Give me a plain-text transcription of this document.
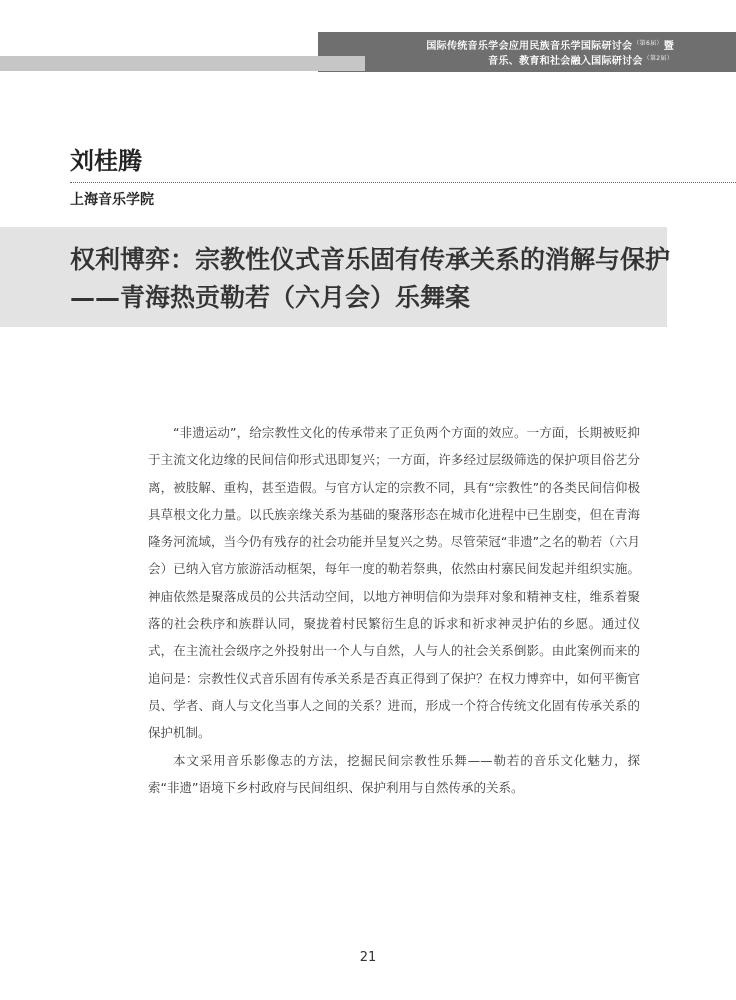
国际传统音乐学会应用民族音乐学国际研讨会$^{(第6届)}$暨
音乐、教育和社会融入国际研讨会$^{(第2届)}$
刘桂腾
上海音乐学院
权利博弈：宗教性仪式音乐固有传承关系的消解与保护
——青海热贡勒若（六月会）乐舞案

“非遗运动”，给宗教性文化的传承带来了正负两个方面的效应。一方面，长期被贬抑于主流文化边缘的民间信仰形式迅即复兴；一方面，许多经过层级筛选的保护项目俗艺分离，被肢解、重构，甚至造假。与官方认定的宗教不同，具有“宗教性”的各类民间信仰极具草根文化力量。以氏族亲缘关系为基础的聚落形态在城市化进程中已生剧变，但在青海隆务河流域，当今仍有残存的社会功能并呈复兴之势。尽管荣冠“非遗”之名的勒若（六月会）已纳入官方旅游活动框架，每年一度的勒若祭典，依然由村寨民间发起并组织实施。神庙依然是聚落成员的公共活动空间，以地方神明信仰为崇拜对象和精神支柱，维系着聚落的社会秩序和族群认同，聚拢着村民繁衍生息的诉求和祈求神灵护佑的乡愿。通过仪式，在主流社会级序之外投射出一个人与自然，人与人的社会关系倒影。由此案例而来的追问是：宗教性仪式音乐固有传承关系是否真正得到了保护？在权力博弈中，如何平衡官员、学者、商人与文化当事人之间的关系？进而，形成一个符合传统文化固有传承关系的保护机制。

本文采用音乐影像志的方法，挖掘民间宗教性乐舞——勒若的音乐文化魅力，探索“非遗”语境下乡村政府与民间组织、保护利用与自然传承的关系。

21
